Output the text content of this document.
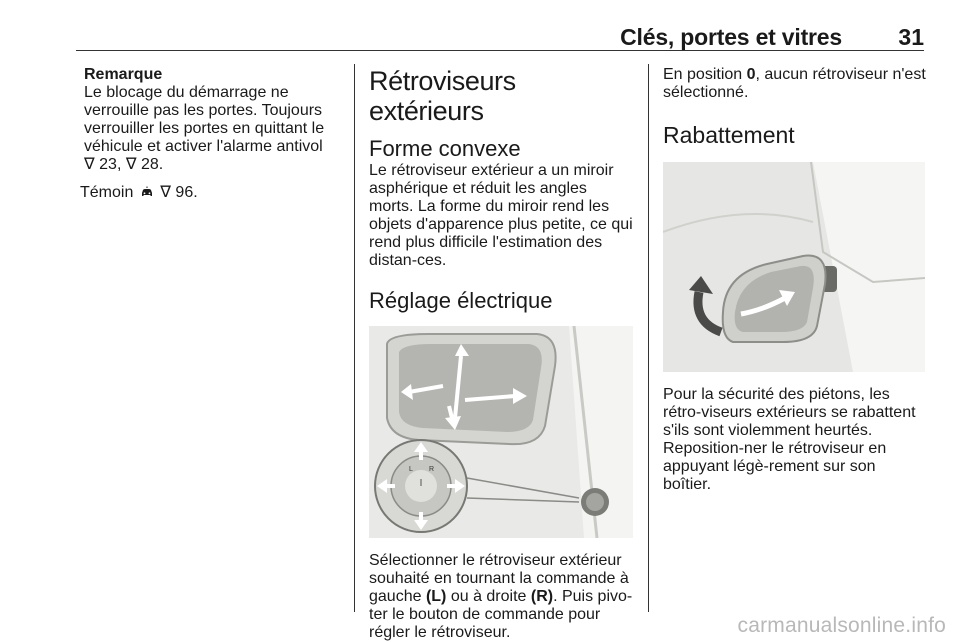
Clés, portes et vitres 31
Remarque

Le blocage du démarrage ne verrouille pas les portes. Toujours verrouiller les portes en quittant le véhicule et activer l'alarme antivol
∇ 23, ∇ 28.

Témoin ∇ 96.

Rétroviseurs extérieurs
Forme convexe

Le rétroviseur extérieur a un miroir asphérique et réduit les angles morts. La forme du miroir rend les objets d'apparence plus petite, ce qui rend plus difficile l'estimation des distan-ces.

Réglage électrique
L R

Sélectionner le rétroviseur extérieur souhaité en tournant la commande à gauche (L) ou à droite (R). Puis pivo-ter le bouton de commande pour régler le rétroviseur.

En position 0, aucun rétroviseur n'est sélectionné.

Rabattement

Pour la sécurité des piétons, les rétro-viseurs extérieurs se rabattent s'ils sont violemment heurtés. Reposition-ner le rétroviseur en appuyant légè-rement sur son boîtier.

carmanualsonline.info
